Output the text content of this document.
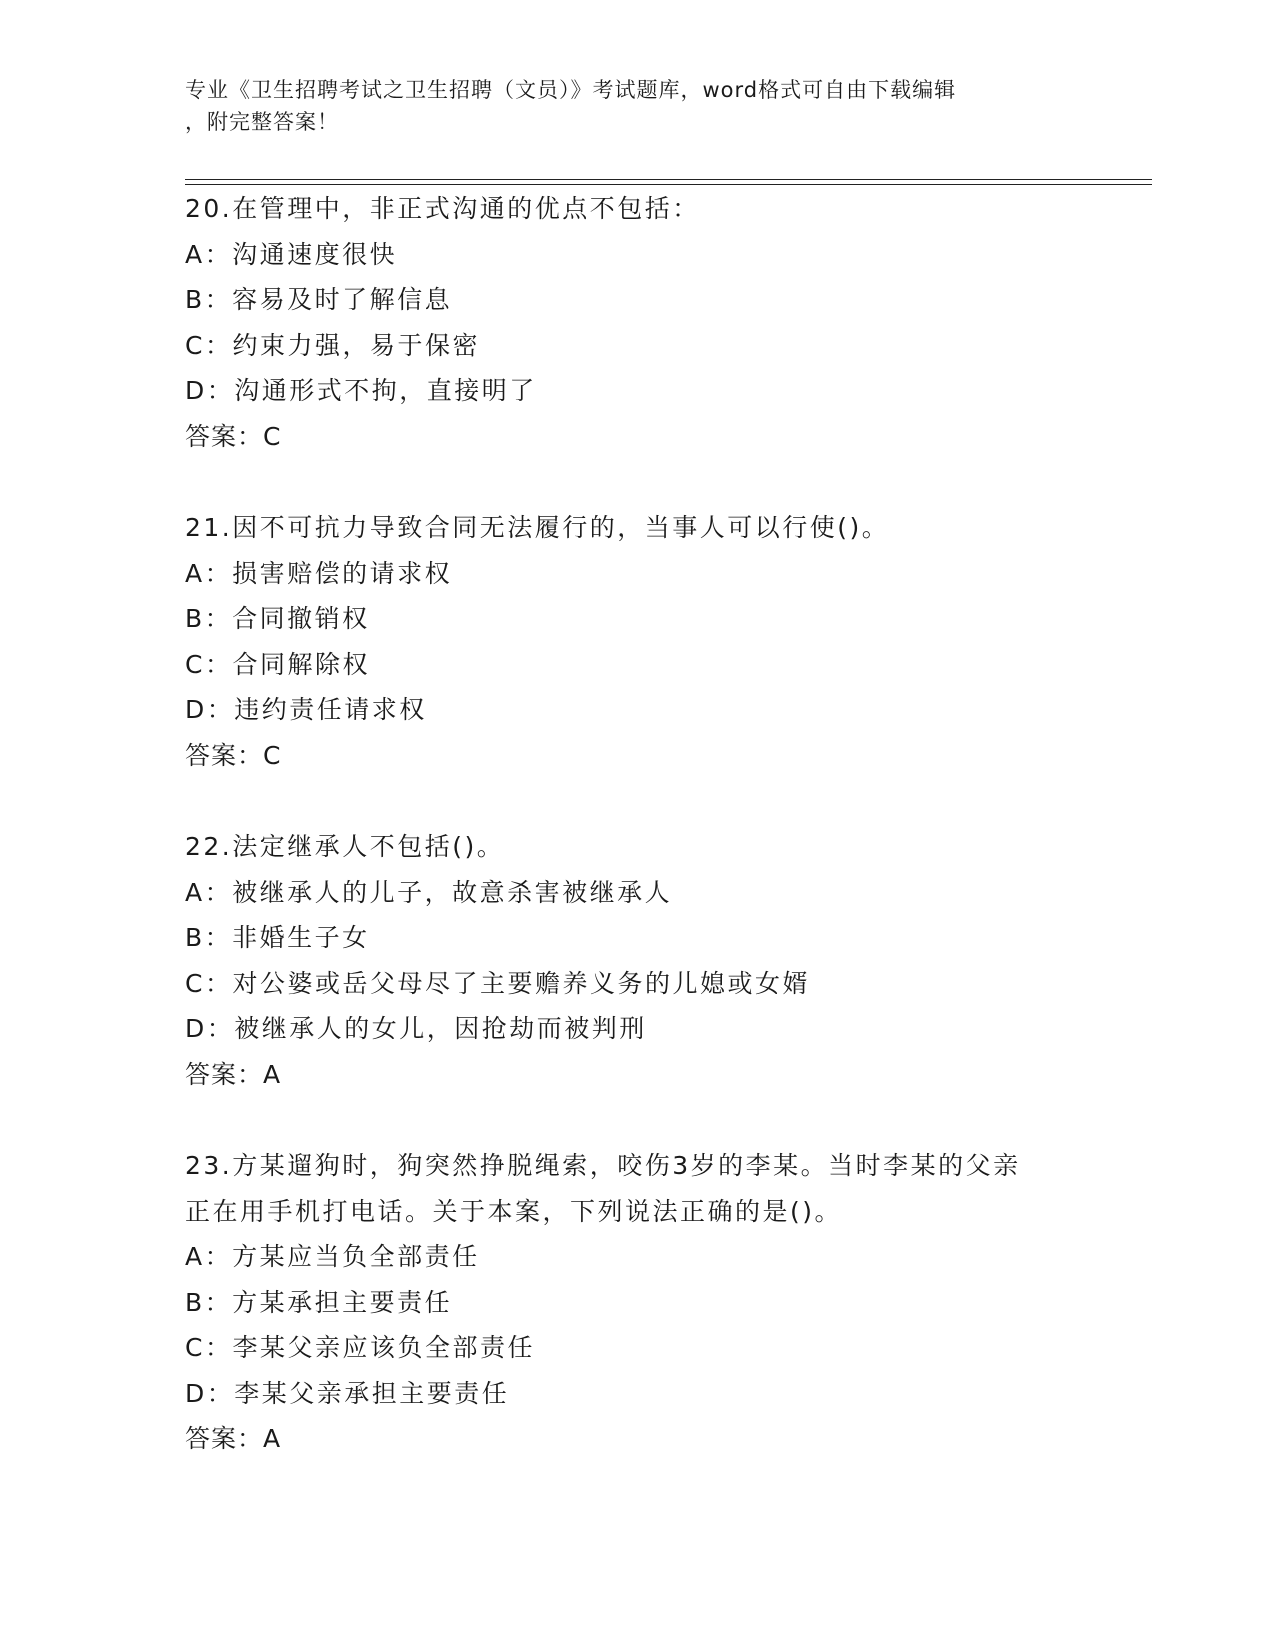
专业《卫生招聘考试之卫生招聘（文员）》考试题库，word格式可自由下载编辑
，附完整答案！
20.在管理中，非正式沟通的优点不包括：
A：沟通速度很快
B：容易及时了解信息
C：约束力强，易于保密
D：沟通形式不拘，直接明了
答案：C
21.因不可抗力导致合同无法履行的，当事人可以行使()。
A：损害赔偿的请求权
B：合同撤销权
C：合同解除权
D：违约责任请求权
答案：C
22.法定继承人不包括()。
A：被继承人的儿子，故意杀害被继承人
B：非婚生子女
C：对公婆或岳父母尽了主要赡养义务的儿媳或女婿
D：被继承人的女儿，因抢劫而被判刑
答案：A
23.方某遛狗时，狗突然挣脱绳索，咬伤3岁的李某。当时李某的父亲
正在用手机打电话。关于本案，下列说法正确的是()。
A：方某应当负全部责任
B：方某承担主要责任
C：李某父亲应该负全部责任
D：李某父亲承担主要责任
答案：A
